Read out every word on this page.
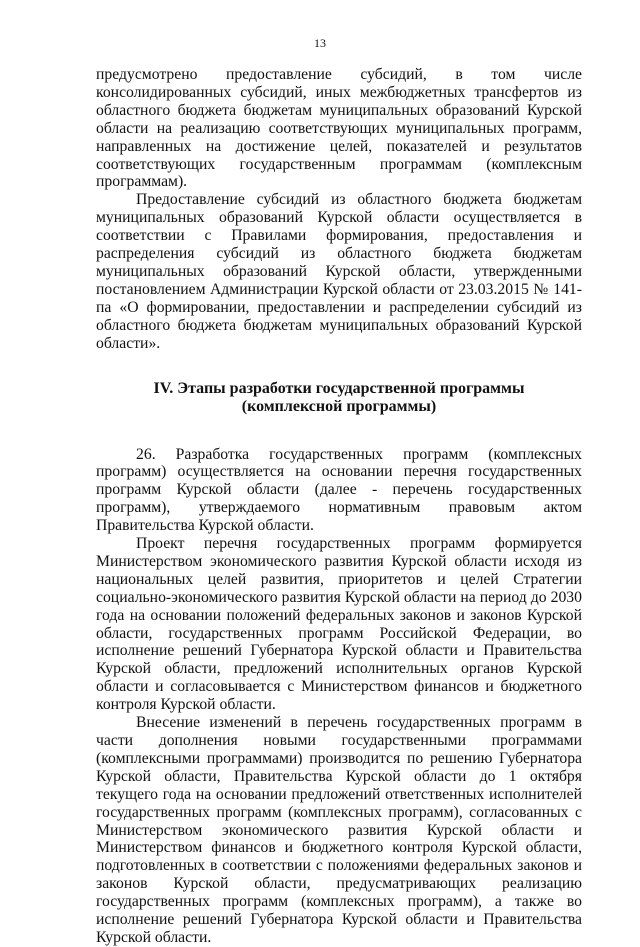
13

предусмотрено предоставление субсидий, в том числе консолидированных субсидий, иных межбюджетных трансфертов из областного бюджета бюджетам муниципальных образований Курской области на реализацию соответствующих муниципальных программ, направленных на достижение целей, показателей и результатов соответствующих государственным программам (комплексным программам).

Предоставление субсидий из областного бюджета бюджетам муниципальных образований Курской области осуществляется в соответствии с Правилами формирования, предоставления и распределения субсидий из областного бюджета бюджетам муниципальных образований Курской области, утвержденными постановлением Администрации Курской области от 23.03.2015 № 141-па «О формировании, предоставлении и распределении субсидий из областного бюджета бюджетам муниципальных образований Курской области».

IV. Этапы разработки государственной программы
(комплексной программы)

26. Разработка государственных программ (комплексных программ) осуществляется на основании перечня государственных программ Курской области (далее - перечень государственных программ), утверждаемого нормативным правовым актом Правительства Курской области.

Проект перечня государственных программ формируется Министерством экономического развития Курской области исходя из национальных целей развития, приоритетов и целей Стратегии социально-экономического развития Курской области на период до 2030 года на основании положений федеральных законов и законов Курской области, государственных программ Российской Федерации, во исполнение решений Губернатора Курской области и Правительства Курской области, предложений исполнительных органов Курской области и согласовывается с Министерством финансов и бюджетного контроля Курской области.

Внесение изменений в перечень государственных программ в части дополнения новыми государственными программами (комплексными программами) производится по решению Губернатора Курской области, Правительства Курской области до 1 октября текущего года на основании предложений ответственных исполнителей государственных программ (комплексных программ), согласованных с Министерством экономического развития Курской области и Министерством финансов и бюджетного контроля Курской области, подготовленных в соответствии с положениями федеральных законов и законов Курской области, предусматривающих реализацию государственных программ (комплексных программ), а также во исполнение решений Губернатора Курской области и Правительства Курской области.
